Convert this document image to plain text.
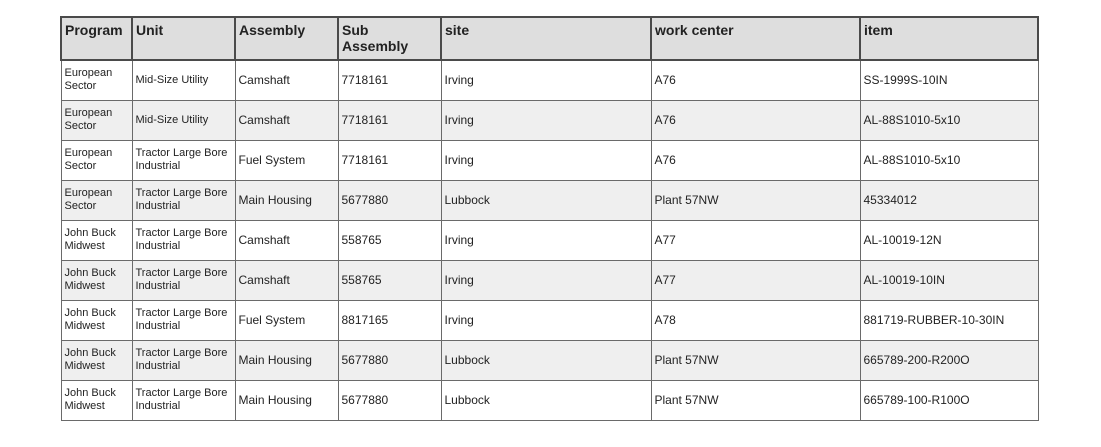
Program	Unit	Assembly	Sub Assembly	site	work center	item
European Sector	Mid-Size Utility	Camshaft	7718161	Irving	A76	SS-1999S-10IN
European Sector	Mid-Size Utility	Camshaft	7718161	Irving	A76	AL-88S1010-5x10
European Sector	Tractor Large Bore Industrial	Fuel System	7718161	Irving	A76	AL-88S1010-5x10
European Sector	Tractor Large Bore Industrial	Main Housing	5677880	Lubbock	Plant 57NW	45334012
John Buck Midwest	Tractor Large Bore Industrial	Camshaft	558765	Irving	A77	AL-10019-12N
John Buck Midwest	Tractor Large Bore Industrial	Camshaft	558765	Irving	A77	AL-10019-10IN
John Buck Midwest	Tractor Large Bore Industrial	Fuel System	8817165	Irving	A78	881719-RUBBER-10-30IN
John Buck Midwest	Tractor Large Bore Industrial	Main Housing	5677880	Lubbock	Plant 57NW	665789-200-R200O
John Buck Midwest	Tractor Large Bore Industrial	Main Housing	5677880	Lubbock	Plant 57NW	665789-100-R100O
